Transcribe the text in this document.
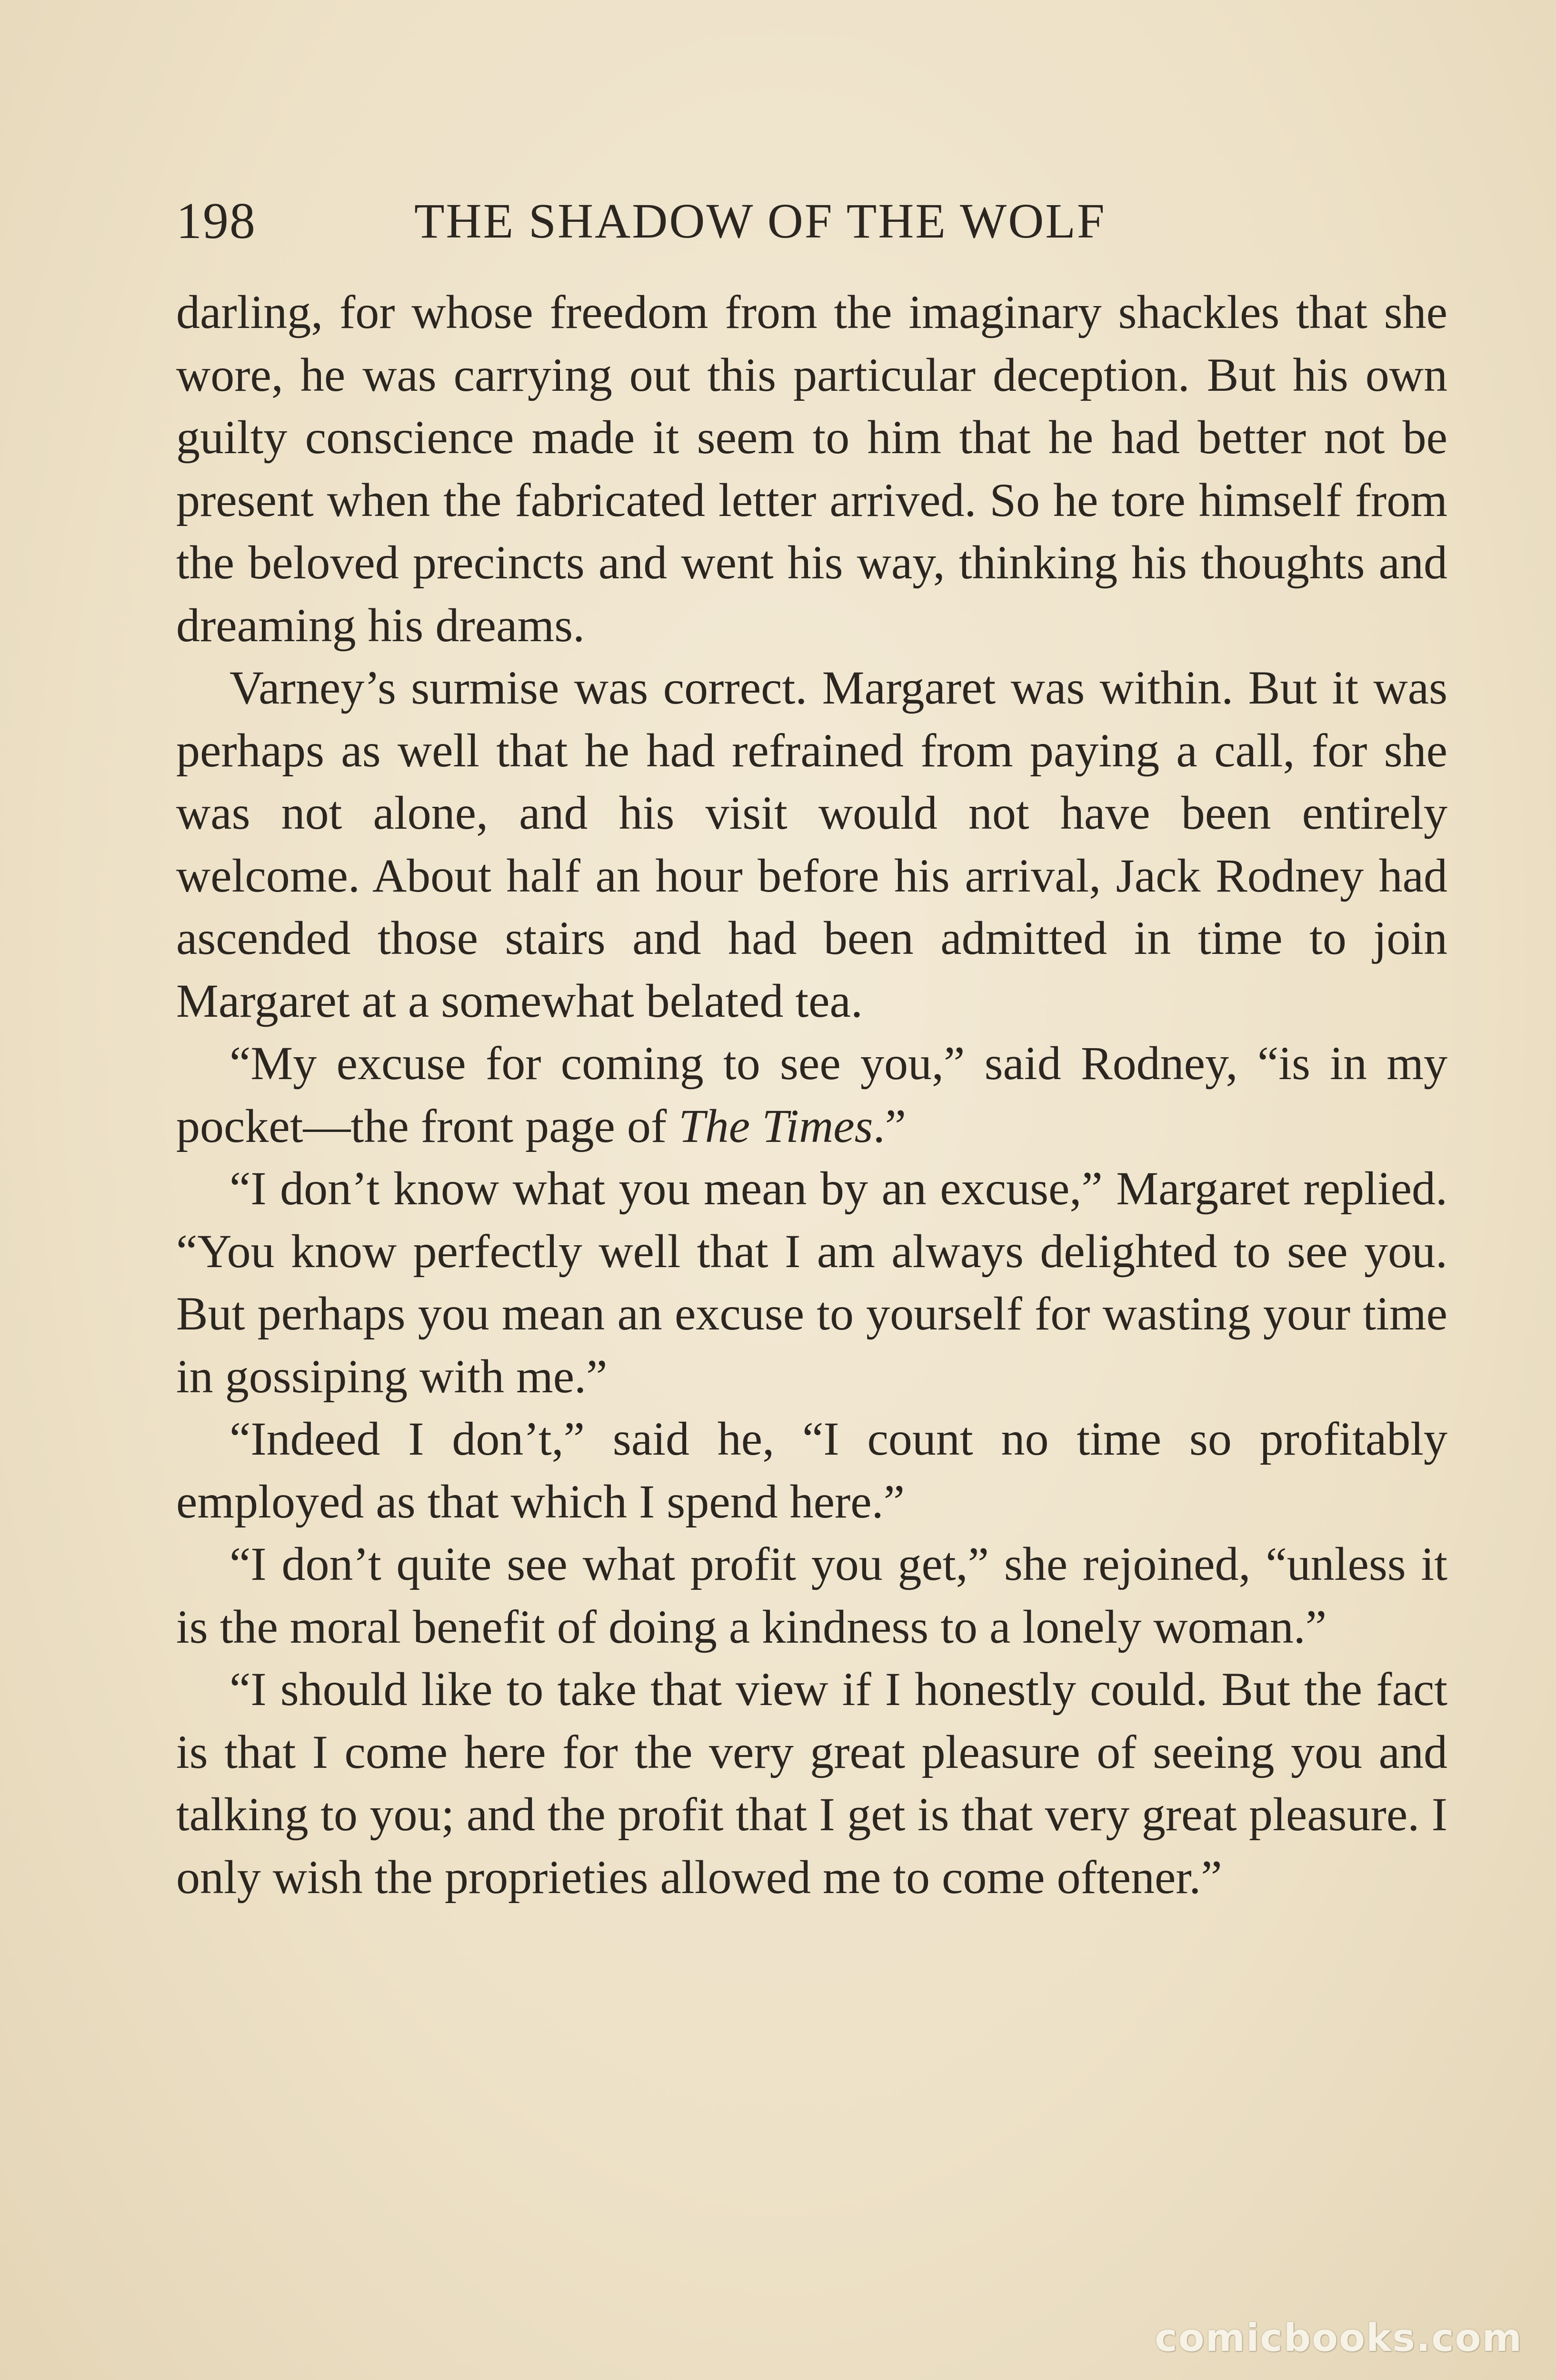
198	THE SHADOW OF THE WOLF

darling, for whose freedom from the imaginary shackles that she wore, he was carrying out this particular deception. But his own guilty conscience made it seem to him that he had better not be present when the fabricated letter arrived. So he tore himself from the beloved precincts and went his way, thinking his thoughts and dreaming his dreams.

Varney’s surmise was correct. Margaret was within. But it was perhaps as well that he had refrained from paying a call, for she was not alone, and his visit would not have been entirely welcome. About half an hour before his arrival, Jack Rodney had ascended those stairs and had been admitted in time to join Margaret at a somewhat belated tea.

“My excuse for coming to see you,” said Rodney, “is in my pocket—the front page of The Times.”

“I don’t know what you mean by an excuse,” Margaret replied. “You know perfectly well that I am always delighted to see you. But perhaps you mean an excuse to yourself for wasting your time in gossiping with me.”

“Indeed I don’t,” said he, “I count no time so profitably employed as that which I spend here.”

“I don’t quite see what profit you get,” she rejoined, “unless it is the moral benefit of doing a kindness to a lonely woman.”

“I should like to take that view if I honestly could. But the fact is that I come here for the very great pleasure of seeing you and talking to you; and the profit that I get is that very great pleasure. I only wish the proprieties allowed me to come oftener.”

comicbooks.com
